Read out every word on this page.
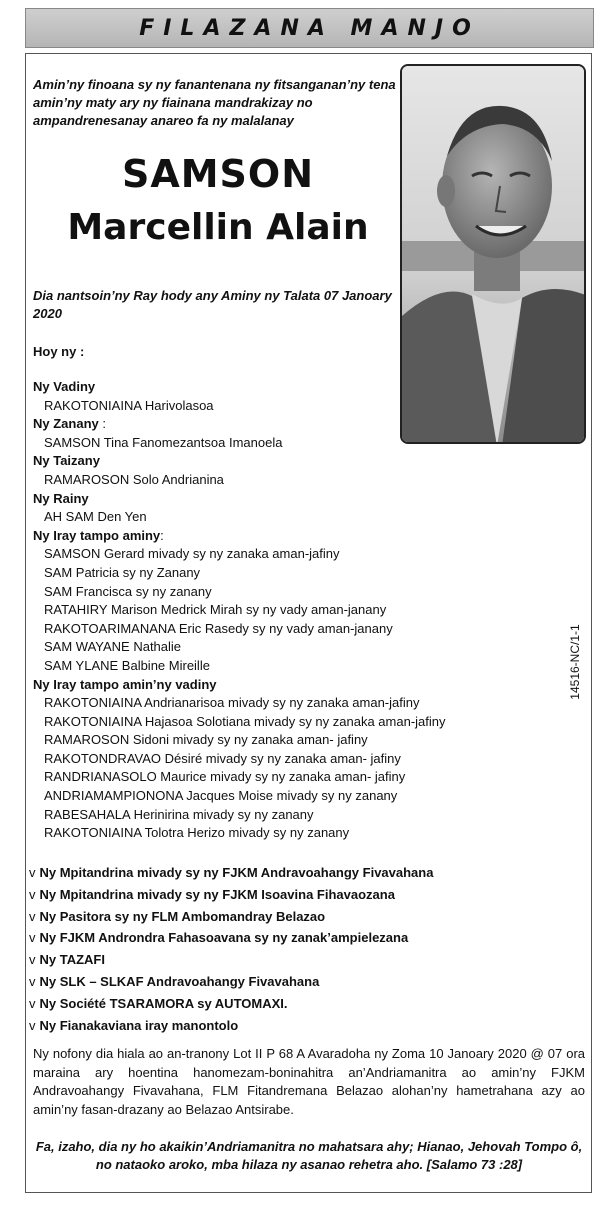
FILAZANA MANJO
Amin’ny finoana sy ny fanantenana ny fitsanganan’ny tena amin’ny maty ary ny fiainana mandrakizay no ampandrenesanay anareo fa ny malalanay
SAMSON
Marcellin Alain
Dia nantsoin’ny Ray hody any Aminy ny Talata 07 Janoary 2020
Hoy ny :
Ny Vadiny
RAKOTONIAINA Harivolasoa
Ny Zanany :
SAMSON Tina Fanomezantsoa Imanoela
Ny Taizany
RAMAROSON Solo Andrianina
Ny Rainy
AH SAM Den Yen
Ny Iray tampo aminy:
SAMSON Gerard mivady sy ny zanaka aman-jafiny
SAM Patricia sy ny Zanany
SAM Francisca sy ny zanany
RATAHIRY Marison Medrick Mirah sy ny vady aman-janany
RAKOTOARIMANANA Eric Rasedy sy ny vady aman-janany
SAM WAYANE Nathalie
SAM YLANE Balbine Mireille
Ny Iray tampo amin’ny vadiny
RAKOTONIAINA Andrianarisoa mivady sy ny zanaka aman-jafiny
RAKOTONIAINA Hajasoa Solotiana mivady sy ny zanaka aman-jafiny
RAMAROSON Sidoni mivady sy ny zanaka aman- jafiny
RAKOTONDRAVAO Désiré mivady sy ny zanaka aman- jafiny
RANDRIANASOLO Maurice mivady sy ny zanaka aman- jafiny
ANDRIAMAMPIONONA Jacques Moise mivady sy ny zanany
RABESAHALA Herinirina mivady sy ny zanany
RAKOTONIAINA Tolotra Herizo mivady sy ny zanany
14516-NC/1-1
v Ny Mpitandrina mivady sy ny FJKM Andravoahangy Fivavahana
v Ny Mpitandrina mivady sy ny FJKM Isoavina Fihavaozana
v Ny Pasitora sy ny FLM Ambomandray Belazao
v Ny FJKM Androndra Fahasoavana sy ny zanak’ampielezana
v Ny TAZAFI
v Ny SLK – SLKAF Andravoahangy Fivavahana
v Ny Société TSARAMORA sy AUTOMAXI.
v Ny Fianakaviana iray manontolo
Ny nofony dia hiala ao an-tranony Lot II P 68 A Avaradoha ny Zoma 10 Janoary 2020 @ 07 ora maraina ary hoentina hanomezam-boninahitra an’Andriamanitra ao amin’ny FJKM Andravoahangy Fivavahana, FLM Fitandremana Belazao alohan’ny hametrahana azy ao amin’ny fasan-drazany ao Belazao Antsirabe.
Fa, izaho, dia ny ho akaikin’Andriamanitra no mahatsara ahy; Hianao, Jehovah Tompo ô, no nataoko aroko, mba hilaza ny asanao rehetra aho. [Salamo 73 :28]
